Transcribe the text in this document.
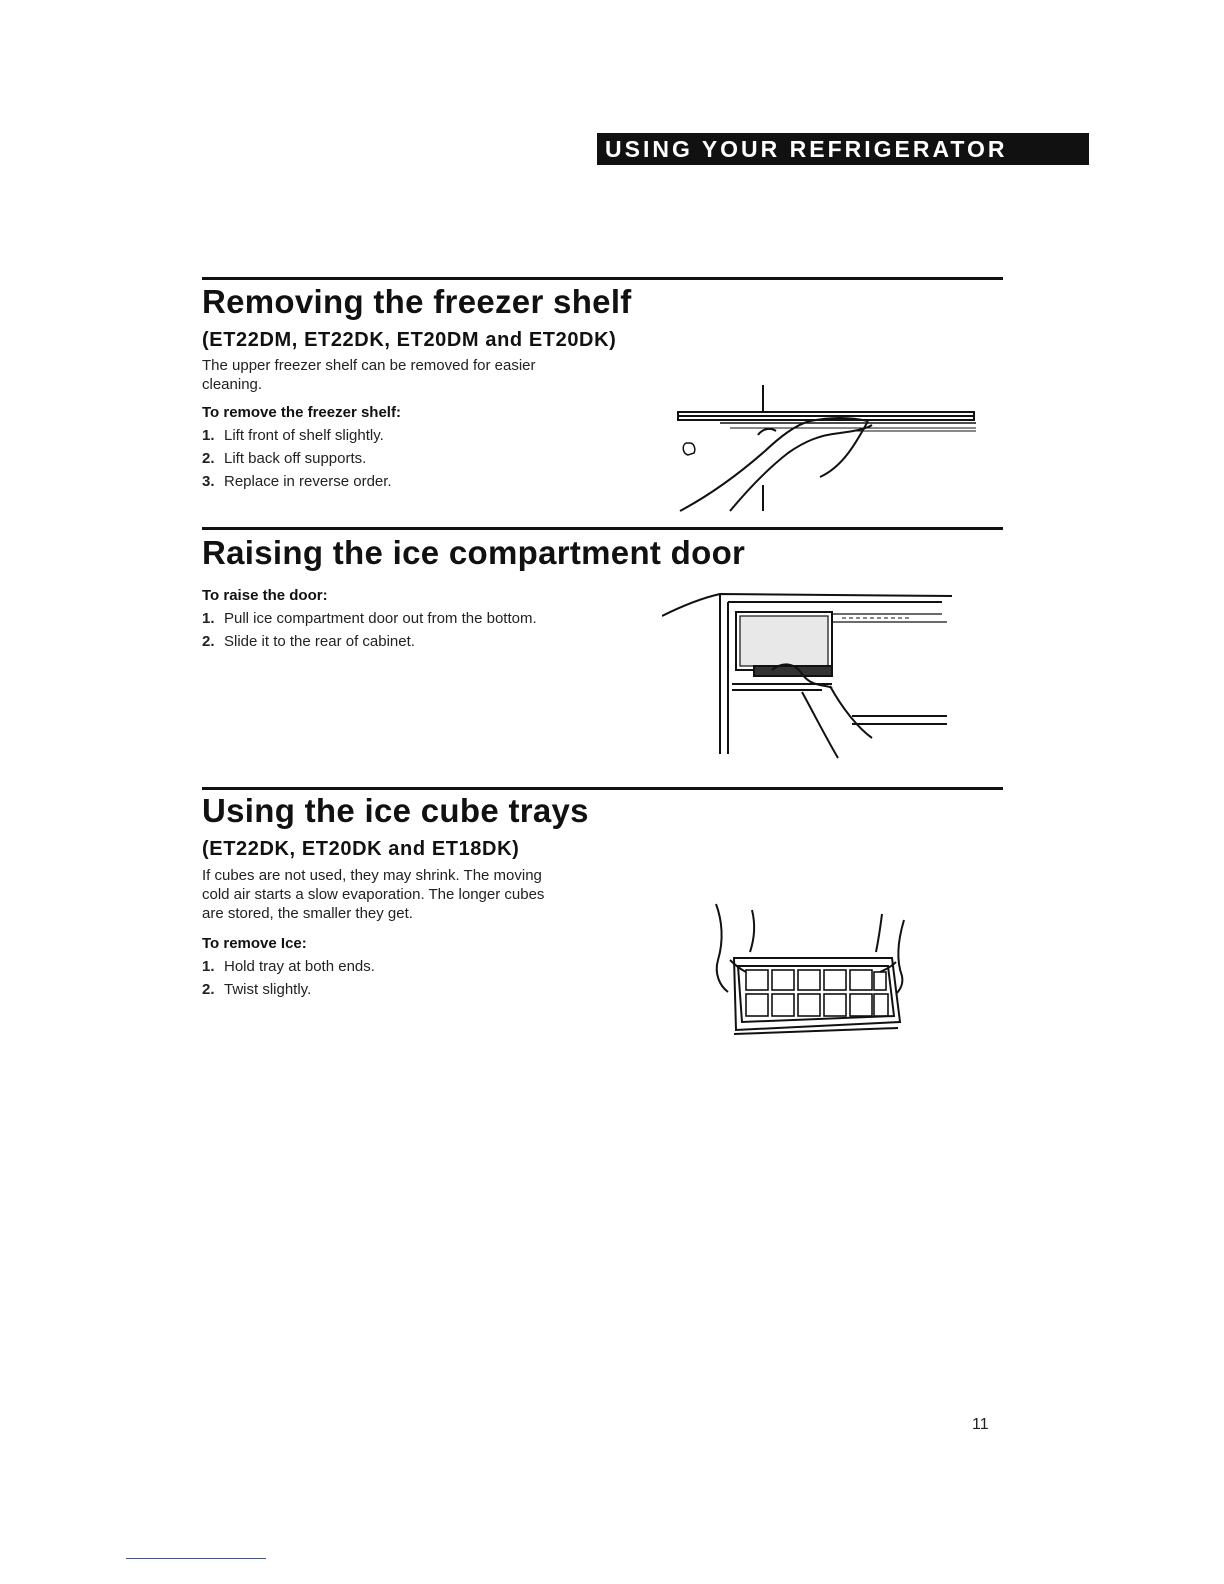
USING YOUR REFRIGERATOR
Removing the freezer shelf

(ET22DM, ET22DK, ET20DM and ET20DK)

The upper freezer shelf can be removed for easier cleaning.

To remove the freezer shelf:

1. Lift front of shelf slightly.
2. Lift back off supports.
3. Replace in reverse order.
Raising the ice compartment door

To raise the door:

1. Pull ice compartment door out from the bottom.
2. Slide it to the rear of cabinet.
Using the ice cube trays

(ET22DK, ET20DK and ET18DK)

If cubes are not used, they may shrink. The moving cold air starts a slow evaporation. The longer cubes are stored, the smaller they get.

To remove Ice:

1. Hold tray at both ends.
2. Twist slightly.
11
